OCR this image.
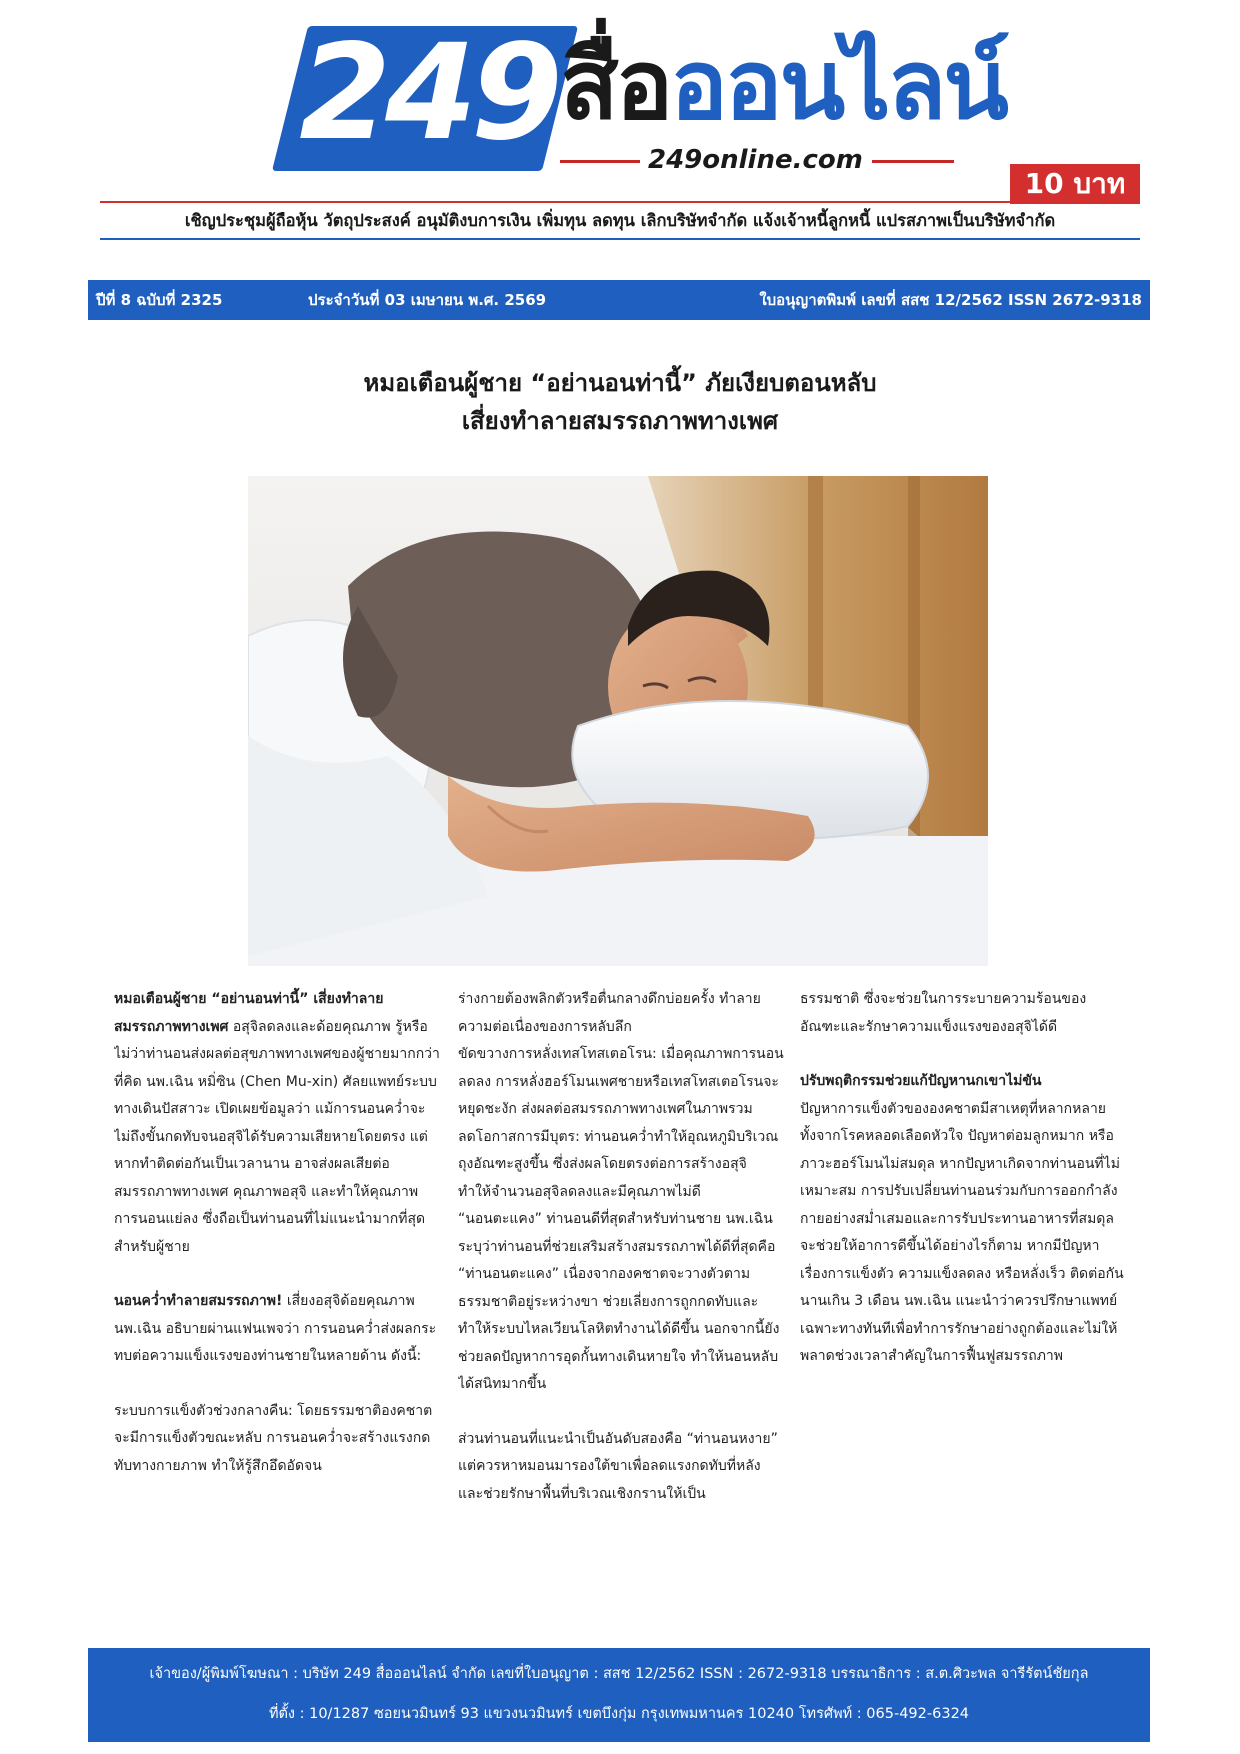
249 สื่อออนไลน์
249online.com
10 บาท
เชิญประชุมผู้ถือหุ้น วัตถุประสงค์ อนุมัติงบการเงิน เพิ่มทุน ลดทุน เลิกบริษัทจำกัด แจ้งเจ้าหนี้ลูกหนี้ แปรสภาพเป็นบริษัทจำกัด
ปีที่ 8 ฉบับที่ 2325	ประจำวันที่ 03 เมษายน พ.ศ. 2569	ใบอนุญาตพิมพ์ เลขที่ สสช 12/2562 ISSN 2672-9318
หมอเตือนผู้ชาย “อย่านอนท่านี้” ภัยเงียบตอนหลับ
เสี่ยงทำลายสมรรถภาพทางเพศ

หมอเตือนผู้ชาย “อย่านอนท่านี้” เสี่ยงทำลายสมรรถภาพทางเพศ อสุจิลดลงและด้อยคุณภาพ รู้หรือไม่ว่าท่านอนส่งผลต่อสุขภาพทางเพศของผู้ชายมากกว่าที่คิด นพ.เฉิน หมิ่ซิน (Chen Mu-xin) ศัลยแพทย์ระบบทางเดินปัสสาวะ เปิดเผยข้อมูลว่า แม้การนอนคว่ำจะไม่ถึงขั้นกดทับจนอสุจิได้รับความเสียหายโดยตรง แต่หากทำติดต่อกันเป็นเวลานาน อาจส่งผลเสียต่อสมรรถภาพทางเพศ คุณภาพอสุจิ และทำให้คุณภาพการนอนแย่ลง ซึ่งถือเป็นท่านอนที่ไม่แนะนำมากที่สุดสำหรับผู้ชาย

นอนคว่ำทำลายสมรรถภาพ! เสี่ยงอสุจิด้อยคุณภาพ

นพ.เฉิน อธิบายผ่านแฟนเพจว่า การนอนคว่ำส่งผลกระทบต่อความแข็งแรงของท่านชายในหลายด้าน ดังนี้:

ระบบการแข็งตัวช่วงกลางคืน: โดยธรรมชาติองคชาตจะมีการแข็งตัวขณะหลับ การนอนคว่ำจะสร้างแรงกดทับทางกายภาพ ทำให้รู้สึกอึดอัดจน

ร่างกายต้องพลิกตัวหรือตื่นกลางดึกบ่อยครั้ง ทำลายความต่อเนื่องของการหลับลึก

ขัดขวางการหลั่งเทสโทสเตอโรน: เมื่อคุณภาพการนอนลดลง การหลั่งฮอร์โมนเพศชายหรือเทสโทสเตอโรนจะหยุดชะงัก ส่งผลต่อสมรรถภาพทางเพศในภาพรวม

ลดโอกาสการมีบุตร: ท่านอนคว่ำทำให้อุณหภูมิบริเวณถุงอัณฑะสูงขึ้น ซึ่งส่งผลโดยตรงต่อการสร้างอสุจิ ทำให้จำนวนอสุจิลดลงและมีคุณภาพไม่ดี

“นอนตะแคง” ท่านอนดีที่สุดสำหรับท่านชาย นพ.เฉิน ระบุว่าท่านอนที่ช่วยเสริมสร้างสมรรถภาพได้ดีที่สุดคือ “ท่านอนตะแคง” เนื่องจากองคชาตจะวางตัวตามธรรมชาติอยู่ระหว่างขา ช่วยเลี่ยงการถูกกดทับและทำให้ระบบไหลเวียนโลหิตทำงานได้ดีขึ้น นอกจากนี้ยังช่วยลดปัญหาการอุดกั้นทางเดินหายใจ ทำให้นอนหลับได้สนิทมากขึ้น

ส่วนท่านอนที่แนะนำเป็นอันดับสองคือ “ท่านอนหงาย” แต่ควรหาหมอนมารองใต้ขาเพื่อลดแรงกดทับที่หลังและช่วยรักษาพื้นที่บริเวณเชิงกรานให้เป็น

ธรรมชาติ ซึ่งจะช่วยในการระบายความร้อนของอัณฑะและรักษาความแข็งแรงของอสุจิได้ดี

ปรับพฤติกรรมช่วยแก้ปัญหานกเขาไม่ขัน

ปัญหาการแข็งตัวขององคชาตมีสาเหตุที่หลากหลาย ทั้งจากโรคหลอดเลือดหัวใจ ปัญหาต่อมลูกหมาก หรือภาวะฮอร์โมนไม่สมดุล หากปัญหาเกิดจากท่านอนที่ไม่เหมาะสม การปรับเปลี่ยนท่านอนร่วมกับการออกกำลังกายอย่างสม่ำเสมอและการรับประทานอาหารที่สมดุลจะช่วยให้อาการดีขึ้นได้อย่างไรก็ตาม หากมีปัญหาเรื่องการแข็งตัว ความแข็งลดลง หรือหลั่งเร็ว ติดต่อกันนานเกิน 3 เดือน นพ.เฉิน แนะนำว่าควรปรึกษาแพทย์เฉพาะทางทันทีเพื่อทำการรักษาอย่างถูกต้องและไม่ให้พลาดช่วงเวลาสำคัญในการฟื้นฟูสมรรถภาพ

เจ้าของ/ผู้พิมพ์โฆษณา : บริษัท 249 สื่อออนไลน์ จำกัด เลขที่ใบอนุญาต : สสช 12/2562 ISSN : 2672-9318 บรรณาธิการ : ส.ต.ศิวะพล จารีรัตน์ชัยกุล
ที่ตั้ง : 10/1287 ซอยนวมินทร์ 93 แขวงนวมินทร์ เขตบึงกุ่ม กรุงเทพมหานคร 10240 โทรศัพท์ : 065-492-6324
